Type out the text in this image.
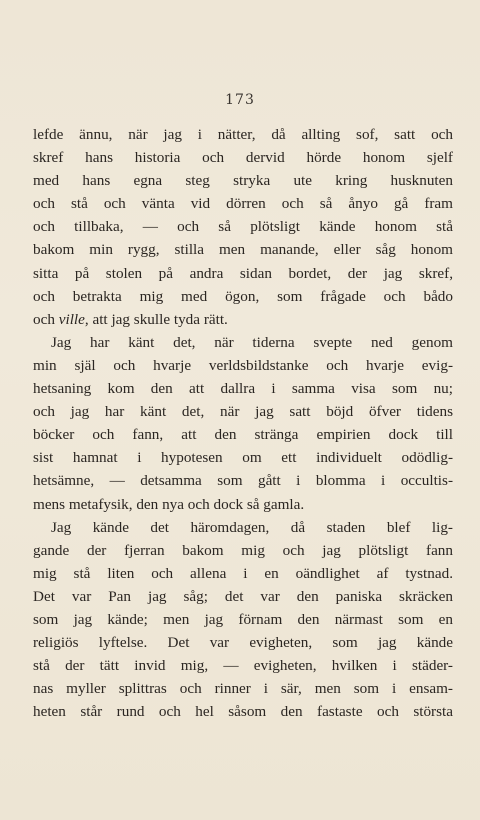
173
lefde ännu, när jag i nätter, då allting sof, satt och
skref hans historia och dervid hörde honom sjelf
med hans egna steg stryka ute kring husknuten
och stå och vänta vid dörren och så ånyo gå fram
och tillbaka, — och så plötsligt kände honom stå
bakom min rygg, stilla men manande, eller såg honom
sitta på stolen på andra sidan bordet, der jag skref,
och betrakta mig med ögon, som frågade och bådo
och ville, att jag skulle tyda rätt.
Jag har känt det, när tiderna svepte ned genom
min själ och hvarje verldsbildstanke och hvarje evig-
hetsaning kom den att dallra i samma visa som nu;
och jag har känt det, när jag satt böjd öfver tidens
böcker och fann, att den stränga empirien dock till
sist hamnat i hypotesen om ett individuelt odödlig-
hetsämne, — detsamma som gått i blomma i occultis-
mens metafysik, den nya och dock så gamla.
Jag kände det häromdagen, då staden blef lig-
gande der fjerran bakom mig och jag plötsligt fann
mig stå liten och allena i en oändlighet af tystnad.
Det var Pan jag såg; det var den paniska skräcken
som jag kände; men jag förnam den närmast som en
religiös lyftelse. Det var evigheten, som jag kände
stå der tätt invid mig, — evigheten, hvilken i städer-
nas myller splittras och rinner i sär, men som i ensam-
heten står rund och hel såsom den fastaste och största
